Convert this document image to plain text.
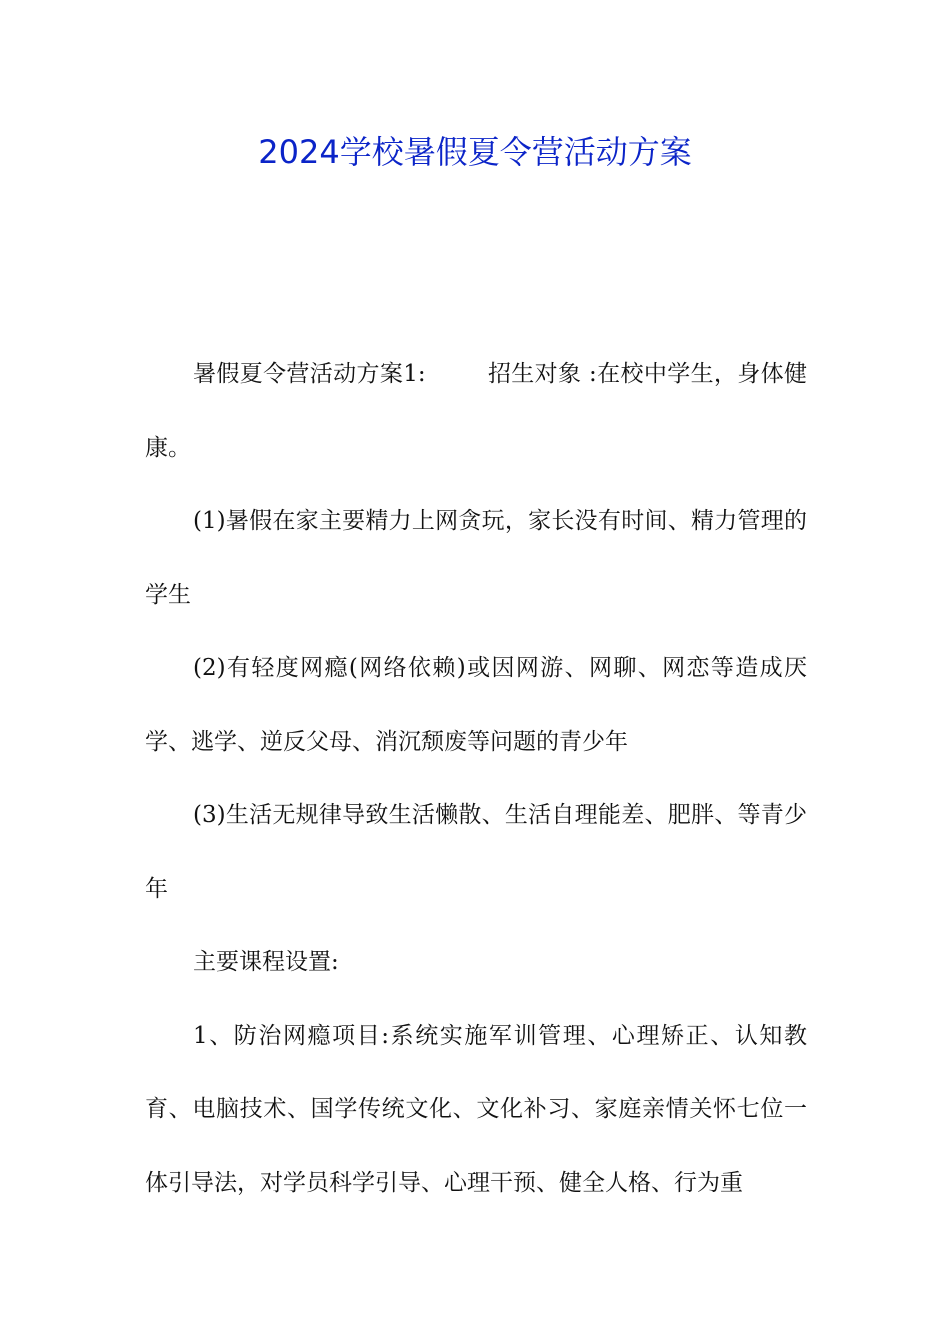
2024学校暑假夏令营活动方案

暑假夏令营活动方案1:	招生对象 :在校中学生，身体健康。

(1)暑假在家主要精力上网贪玩，家长没有时间、精力管理的学生

(2)有轻度网瘾(网络依赖)或因网游、网聊、网恋等造成厌学、逃学、逆反父母、消沉颓废等问题的青少年

(3)生活无规律导致生活懒散、生活自理能差、肥胖、等青少年

主要课程设置:

1、防治网瘾项目:系统实施军训管理、心理矫正、认知教育、电脑技术、国学传统文化、文化补习、家庭亲情关怀七位一体引导法，对学员科学引导、心理干预、健全人格、行为重
